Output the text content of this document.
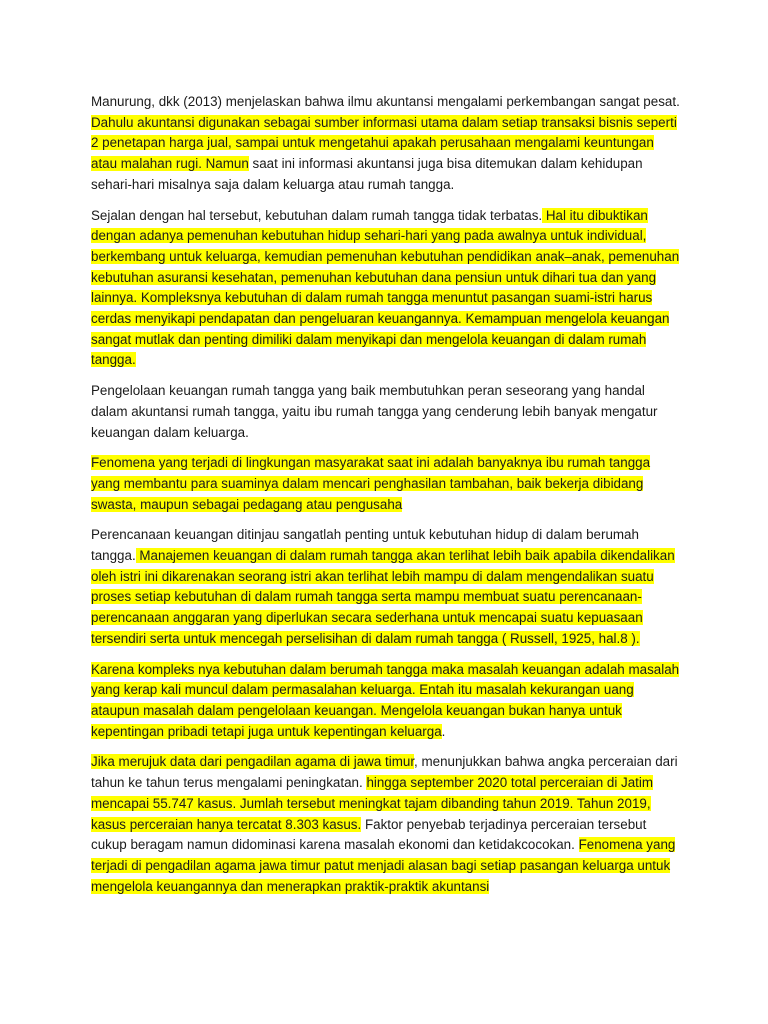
Manurung, dkk (2013) menjelaskan bahwa ilmu akuntansi mengalami perkembangan sangat pesat. Dahulu akuntansi digunakan sebagai sumber informasi utama dalam setiap transaksi bisnis seperti 2 penetapan harga jual, sampai untuk mengetahui apakah perusahaan mengalami keuntungan atau malahan rugi. Namun saat ini informasi akuntansi juga bisa ditemukan dalam kehidupan sehari-hari misalnya saja dalam keluarga atau rumah tangga.

Sejalan dengan hal tersebut, kebutuhan dalam rumah tangga tidak terbatas. Hal itu dibuktikan dengan adanya pemenuhan kebutuhan hidup sehari-hari yang pada awalnya untuk individual, berkembang untuk keluarga, kemudian pemenuhan kebutuhan pendidikan anak–anak, pemenuhan kebutuhan asuransi kesehatan, pemenuhan kebutuhan dana pensiun untuk dihari tua dan yang lainnya. Kompleksnya kebutuhan di dalam rumah tangga menuntut pasangan suami-istri harus cerdas menyikapi pendapatan dan pengeluaran keuangannya. Kemampuan mengelola keuangan sangat mutlak dan penting dimiliki dalam menyikapi dan mengelola keuangan di dalam rumah tangga.

Pengelolaan keuangan rumah tangga yang baik membutuhkan peran seseorang yang handal dalam akuntansi rumah tangga, yaitu ibu rumah tangga yang cenderung lebih banyak mengatur keuangan dalam keluarga.

Fenomena yang terjadi di lingkungan masyarakat saat ini adalah banyaknya ibu rumah tangga yang membantu para suaminya dalam mencari penghasilan tambahan, baik bekerja dibidang swasta, maupun sebagai pedagang atau pengusaha

Perencanaan keuangan ditinjau sangatlah penting untuk kebutuhan hidup di dalam berumah tangga. Manajemen keuangan di dalam rumah tangga akan terlihat lebih baik apabila dikendalikan oleh istri ini dikarenakan seorang istri akan terlihat lebih mampu di dalam mengendalikan suatu proses setiap kebutuhan di dalam rumah tangga serta mampu membuat suatu perencanaan-perencanaan anggaran yang diperlukan secara sederhana untuk mencapai suatu kepuasaan tersendiri serta untuk mencegah perselisihan di dalam rumah tangga ( Russell, 1925, hal.8 ).

Karena kompleks nya kebutuhan dalam berumah tangga maka masalah keuangan adalah masalah yang kerap kali muncul dalam permasalahan keluarga. Entah itu masalah kekurangan uang ataupun masalah dalam pengelolaan keuangan. Mengelola keuangan bukan hanya untuk kepentingan pribadi tetapi juga untuk kepentingan keluarga.

Jika merujuk data dari pengadilan agama di jawa timur, menunjukkan bahwa angka perceraian dari tahun ke tahun terus mengalami peningkatan. hingga september 2020 total perceraian di Jatim mencapai 55.747 kasus. Jumlah tersebut meningkat tajam dibanding tahun 2019. Tahun 2019, kasus perceraian hanya tercatat 8.303 kasus. Faktor penyebab terjadinya perceraian tersebut cukup beragam namun didominasi karena masalah ekonomi dan ketidakcocokan. Fenomena yang terjadi di pengadilan agama jawa timur patut menjadi alasan bagi setiap pasangan keluarga untuk mengelola keuangannya dan menerapkan praktik-praktik akuntansi
